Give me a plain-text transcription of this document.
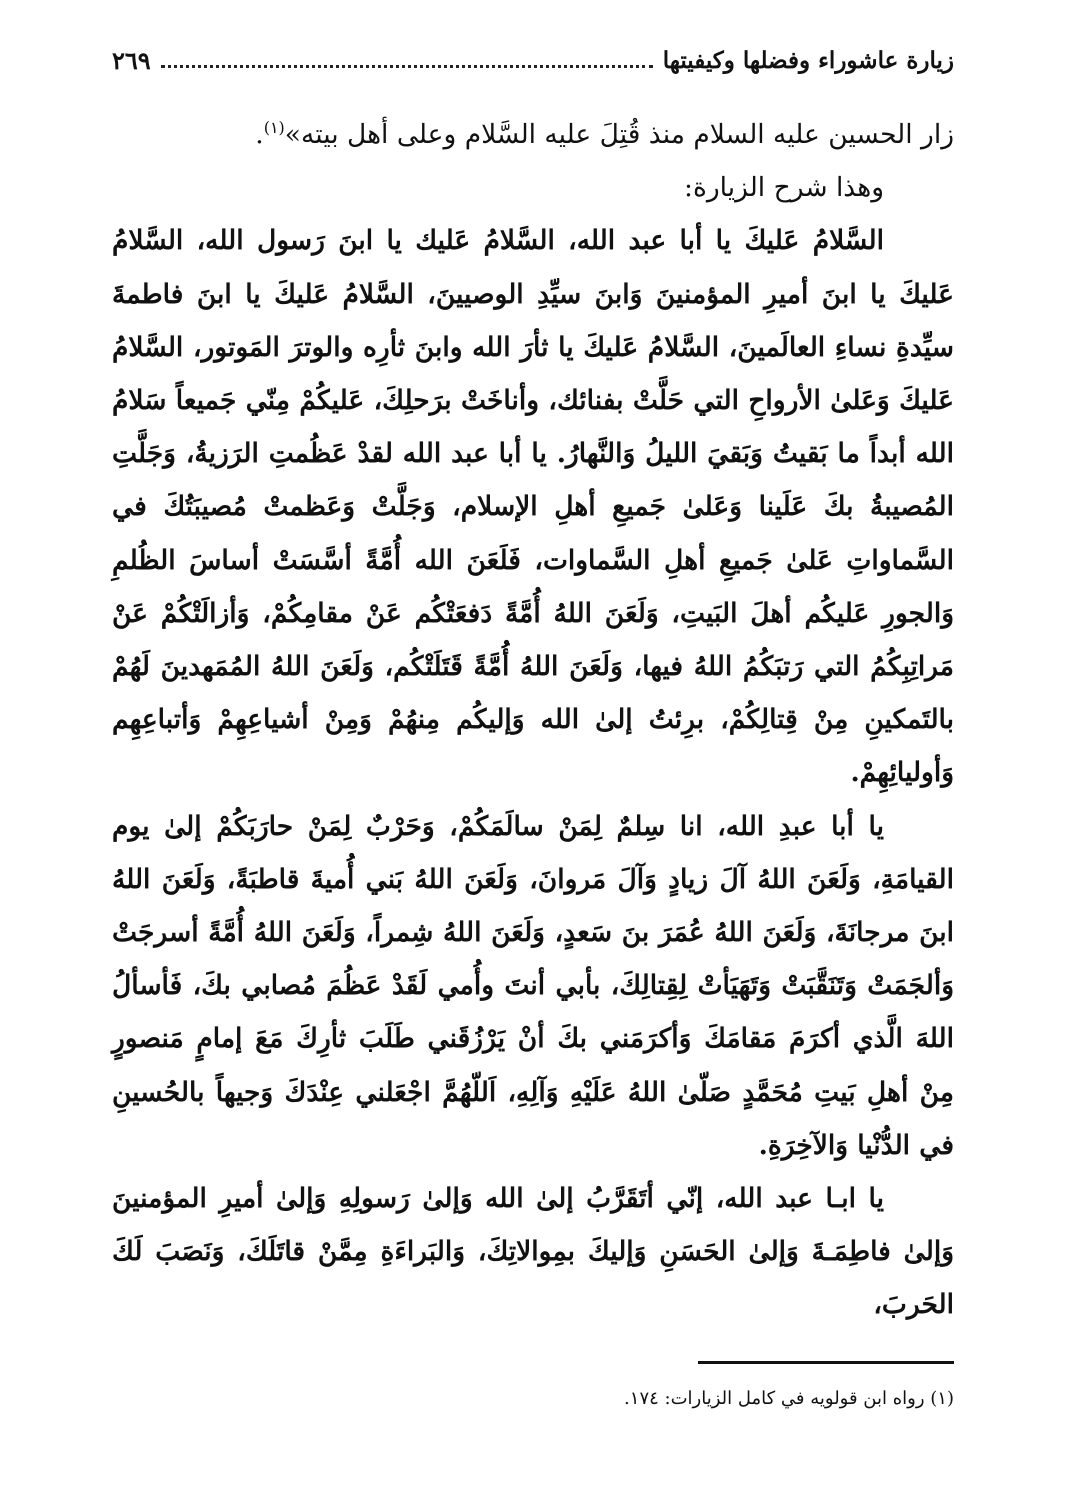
زيارة عاشوراء وفضلها وكيفيتها
٢٦٩

زار الحسين عليه السلام منذ قُتِلَ عليه السَّلام وعلى أهل بيته»$^{(١)}$.

وهذا شرح الزيارة:

السَّلامُ عَليكَ يا أبا عبد الله، السَّلامُ عَليك يا ابنَ رَسول الله، السَّلامُ عَليكَ يا ابنَ أميرِ المؤمنينَ وَابنَ سيِّدِ الوصيينَ، السَّلامُ عَليكَ يا ابنَ فاطمةَ سيِّدةِ نساءِ العالَمينَ، السَّلامُ عَليكَ يا ثأرَ الله وابنَ ثأرِه والوترَ المَوتور، السَّلامُ عَليكَ وَعَلىٰ الأرواحِ التي حَلَّتْ بفنائك، وأناخَتْ برَحلِكَ، عَليكُمْ مِنّي جَميعاً سَلامُ الله أبداً ما بَقيتُ وَبَقيَ الليلُ وَالنَّهارُ. يا أبا عبد الله لقدْ عَظُمتِ الرَزيةُ، وَجَلَّتِ المُصيبةُ بكَ عَلَينا وَعَلىٰ جَميعِ أهلِ الإسلام، وَجَلَّتْ وَعَظمتْ مُصيبَتُكَ في السَّماواتِ عَلىٰ جَميعِ أهلِ السَّماوات، فَلَعَنَ الله أُمَّةً أسَّسَتْ أساسَ الظُلمِ وَالجورِ عَليكُم أهلَ البَيتِ، وَلَعَنَ اللهُ أُمَّةً دَفعَتْكُم عَنْ مقامِكُمْ، وَأزالَتْكُمْ عَنْ مَراتِبِكُمُ التي رَتبَكُمُ اللهُ فيها، وَلَعَنَ اللهُ أُمَّةً قَتَلَتْكُم، وَلَعَنَ اللهُ المُمَهدينَ لَهُمْ بالتَمكينِ مِنْ قِتالِكُمْ، برِئتُ إلىٰ الله وَإليكُم مِنهُمْ وَمِنْ أشياعِهِمْ وَأتباعِهِم وَأوليائِهِمْ.

يا أبا عبدِ الله، انا سِلمٌ لِمَنْ سالَمَكُمْ، وَحَرْبٌ لِمَنْ حارَبَكُمْ إلىٰ يوم القيامَةِ، وَلَعَنَ اللهُ آلَ زيادٍ وَآلَ مَروانَ، وَلَعَنَ اللهُ بَني أُميةَ قاطبَةً، وَلَعَنَ اللهُ ابنَ مرجانَةَ، وَلَعَنَ اللهُ عُمَرَ بنَ سَعدٍ، وَلَعَنَ اللهُ شِمراً، وَلَعَنَ اللهُ أُمَّةً أسرجَتْ وَألجَمَتْ وَتَنَقَّبَتْ وَتَهَيَأتْ لِقِتالِكَ، بأبي أنتَ وأُمي لَقَدْ عَظُمَ مُصابي بكَ، فَأسألُ اللهَ الَّذي أكرَمَ مَقامَكَ وَأكرَمَني بكَ أنْ يَرْزُقَني طَلَبَ ثأرِكَ مَعَ إمامٍ مَنصورٍ مِنْ أهلِ بَيتِ مُحَمَّدٍ صَلّىٰ اللهُ عَلَيْهِ وَآلِهِ، اَللّهُمَّ اجْعَلني عِنْدَكَ وَجيهاً بالحُسينِ في الدُّنْيا وَالآخِرَةِ.

يا ابـا عبد الله، إنّي أتَقَرَّبُ إلىٰ الله وَإلىٰ رَسولِهِ وَإلىٰ أميرِ المؤمنينَ وَإلىٰ فاطِمَـةَ وَإلىٰ الحَسَنِ وَإليكَ بمِوالاتِكَ، وَالبَراءَةِ مِمَّنْ قاتَلَكَ، وَنَصَبَ لَكَ الحَربَ،

(١) رواه ابن قولويه في كامل الزيارات: ١٧٤.
